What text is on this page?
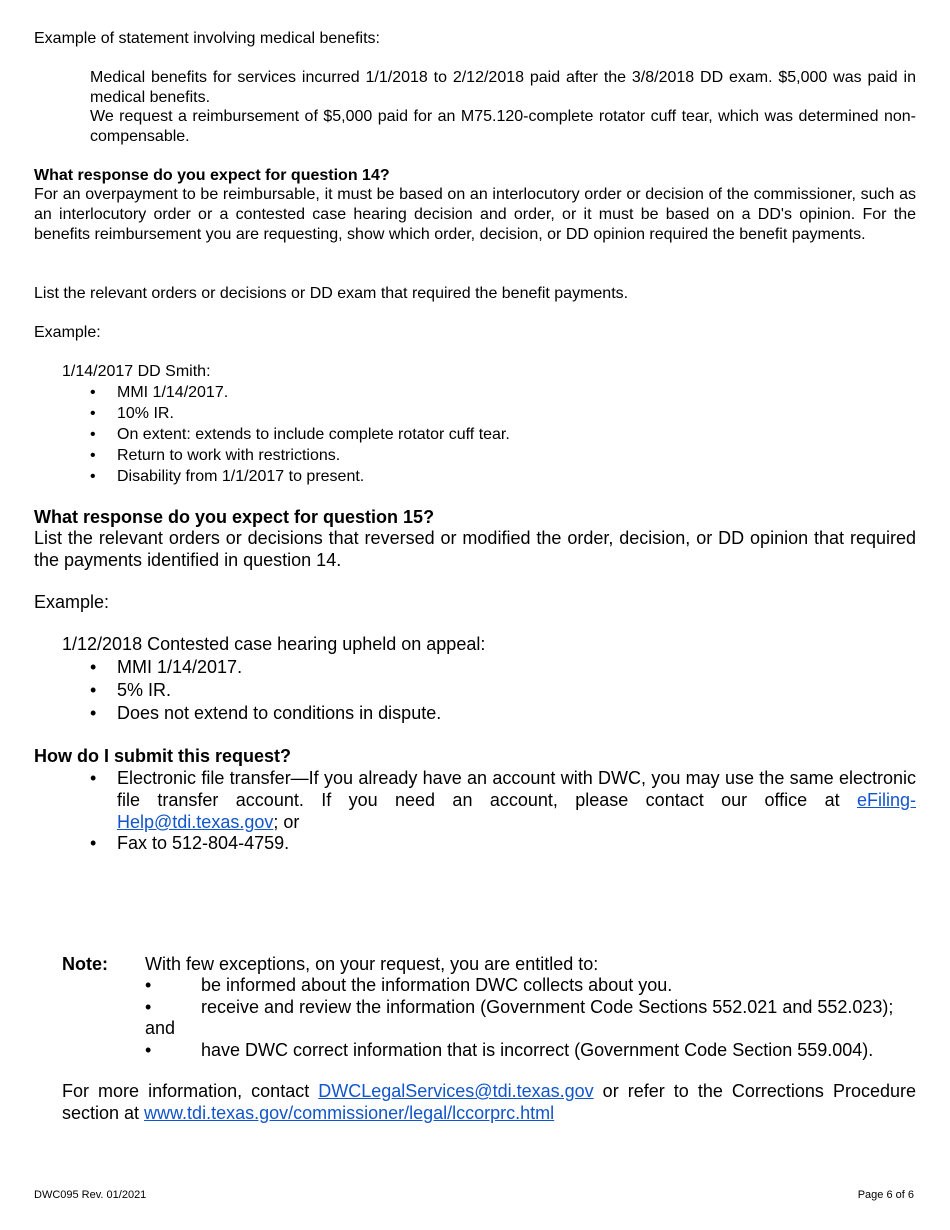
Example of statement involving medical benefits:
Medical benefits for services incurred 1/1/2018 to 2/12/2018 paid after the 3/8/2018 DD exam. $5,000 was paid in medical benefits.
We request a reimbursement of $5,000 paid for an M75.120-complete rotator cuff tear, which was determined non-compensable.
What response do you expect for question 14?
For an overpayment to be reimbursable, it must be based on an interlocutory order or decision of the commissioner, such as an interlocutory order or a contested case hearing decision and order, or it must be based on a DD's opinion. For the benefits reimbursement you are requesting, show which order, decision, or DD opinion required the benefit payments.
List the relevant orders or decisions or DD exam that required the benefit payments.
Example:
1/14/2017 DD Smith:
• MMI 1/14/2017.
• 10% IR.
• On extent: extends to include complete rotator cuff tear.
• Return to work with restrictions.
• Disability from 1/1/2017 to present.
What response do you expect for question 15?
List the relevant orders or decisions that reversed or modified the order, decision, or DD opinion that required the payments identified in question 14.
Example:
1/12/2018 Contested case hearing upheld on appeal:
• MMI 1/14/2017.
• 5% IR.
• Does not extend to conditions in dispute.
How do I submit this request?
• Electronic file transfer—If you already have an account with DWC, you may use the same electronic file transfer account. If you need an account, please contact our office at eFiling-Help@tdi.texas.gov; or
• Fax to 512-804-4759.
Note: With few exceptions, on your request, you are entitled to:
•	be informed about the information DWC collects about you.
•	receive and review the information (Government Code Sections 552.021 and 552.023);
and
•	have DWC correct information that is incorrect (Government Code Section 559.004).
For more information, contact DWCLegalServices@tdi.texas.gov or refer to the Corrections Procedure section at www.tdi.texas.gov/commissioner/legal/lccorprc.html
DWC095 Rev. 01/2021	Page 6 of 6
